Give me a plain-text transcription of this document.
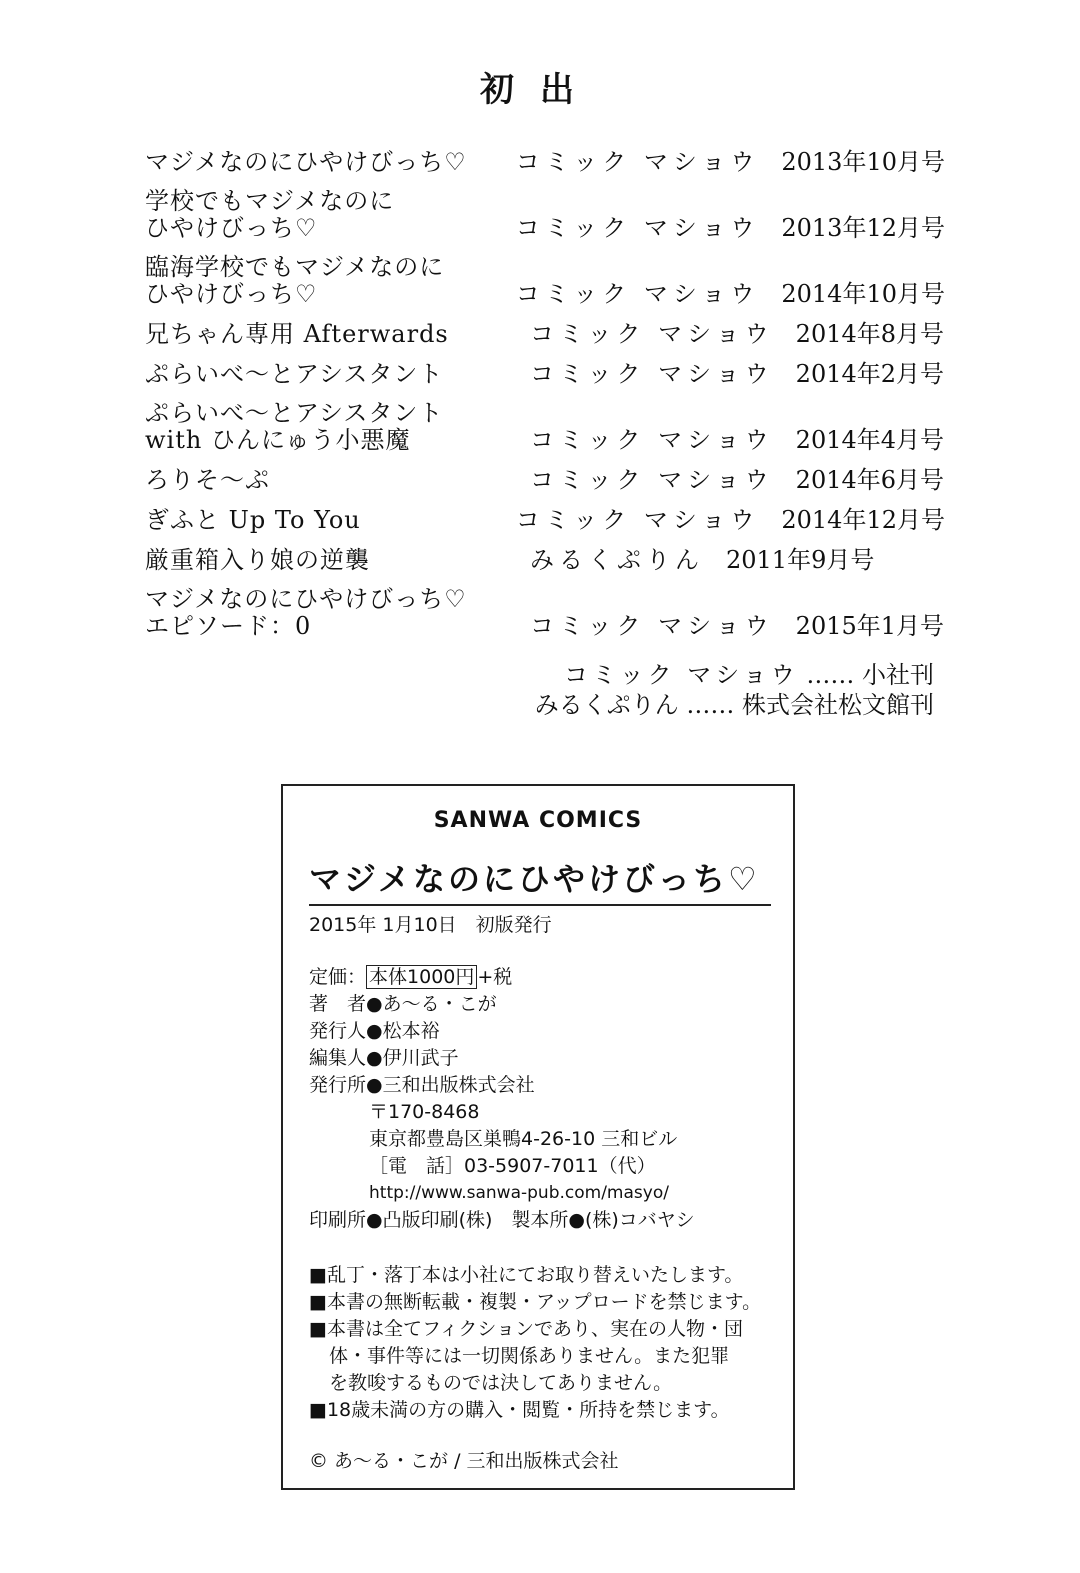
初出
マジメなのにひやけびっち♡	コミック マショウ 2013年10月号
学校でもマジメなのに
ひやけびっち♡	コミック マショウ 2013年12月号
臨海学校でもマジメなのに
ひやけびっち♡	コミック マショウ 2014年10月号
兄ちゃん専用 Afterwards	コミック マショウ 2014年8月号
ぷらいべ～とアシスタント	コミック マショウ 2014年2月号
ぷらいべ～とアシスタント
with ひんにゅう小悪魔	コミック マショウ 2014年4月号
ろりそ～ぷ	コミック マショウ 2014年6月号
ぎふと Up To You	コミック マショウ 2014年12月号
厳重箱入り娘の逆襲	みるくぷりん 2011年9月号
マジメなのにひやけびっち♡
エピソード：0	コミック マショウ 2015年1月号
コミック マショウ …… 小社刊
みるくぷりん …… 株式会社松文館刊
SANWA COMICS
マジメなのにひやけびっち♡
2015年 1月10日　初版発行
定価： 本体1000円 +税
著　者●あ～る・こが
発行人●松本裕
編集人●伊川武子
発行所●三和出版株式会社
〒170-8468
東京都豊島区巣鴨4-26-10 三和ビル
［電　話］03-5907-7011（代）
http://www.sanwa-pub.com/masyo/
印刷所●凸版印刷(株)　製本所●(株)コバヤシ
■乱丁・落丁本は小社にてお取り替えいたします。
■本書の無断転載・複製・アップロードを禁じます。
■本書は全てフィクションであり、実在の人物・団
体・事件等には一切関係ありません。また犯罪
を教唆するものでは決してありません。
■18歳未満の方の購入・閲覧・所持を禁じます。
© あ～る・こが / 三和出版株式会社
